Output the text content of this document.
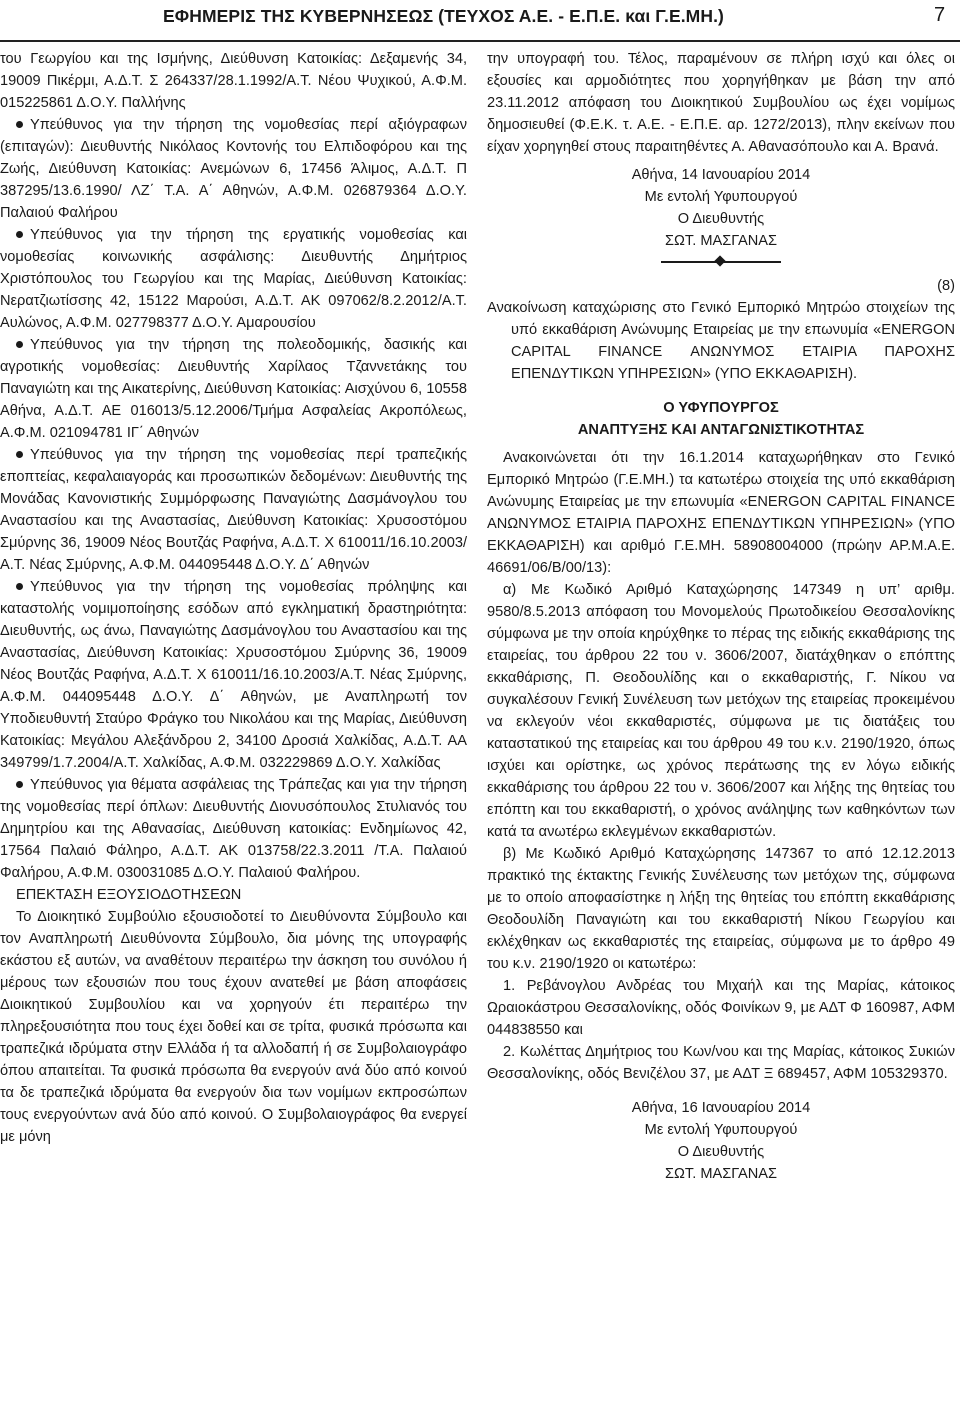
ΕΦΗΜΕΡΙΣ ΤΗΣ ΚΥΒΕΡΝΗΣΕΩΣ (ΤΕΥΧΟΣ Α.Ε. - Ε.Π.Ε. και Γ.Ε.ΜΗ.)	7

του Γεωργίου και της Ισμήνης, Διεύθυνση Κατοικίας: Δεξαμενής 34, 19009 Πικέρμι, Α.Δ.Τ. Σ 264337/28.1.1992/Α.Τ. Νέου Ψυχικού, Α.Φ.Μ. 015225861 Δ.Ο.Υ. Παλλήνης

Υπεύθυνος για την τήρηση της νομοθεσίας περί αξιόγραφων (επιταγών): Διευθυντής Νικόλαος Κοντονής του Ελπιδοφόρου και της Ζωής, Διεύθυνση Κατοικίας: Ανεμώνων 6, 17456 Άλιμος, Α.Δ.Τ. Π 387295/13.6.1990/ ΛΖ΄ Τ.Α. Α΄ Αθηνών, Α.Φ.Μ. 026879364 Δ.Ο.Υ. Παλαιού Φαλήρου

Υπεύθυνος για την τήρηση της εργατικής νομοθεσίας και νομοθεσίας κοινωνικής ασφάλισης: Διευθυντής Δημήτριος Χριστόπουλος του Γεωργίου και της Μαρίας, Διεύθυνση Κατοικίας: Νερατζιωτίσσης 42, 15122 Μαρούσι, Α.Δ.Τ. ΑΚ 097062/8.2.2012/Α.Τ. Αυλώνος, Α.Φ.Μ. 027798377 Δ.Ο.Υ. Αμαρουσίου

Υπεύθυνος για την τήρηση της πολεοδομικής, δασικής και αγροτικής νομοθεσίας: Διευθυντής Χαρίλαος Τζαννετάκης του Παναγιώτη και της Αικατερίνης, Διεύθυνση Κατοικίας: Αισχύνου 6, 10558 Αθήνα, Α.Δ.Τ. ΑΕ 016013/5.12.2006/Τμήμα Ασφαλείας Ακροπόλεως, Α.Φ.Μ. 021094781 ΙΓ΄ Αθηνών

Υπεύθυνος για την τήρηση της νομοθεσίας περί τραπεζικής εποπτείας, κεφαλαιαγοράς και προσωπικών δεδομένων: Διευθυντής της Μονάδας Κανονιστικής Συμμόρφωσης Παναγιώτης Δασμάνογλου του Αναστασίου και της Αναστασίας, Διεύθυνση Κατοικίας: Χρυσοστόμου Σμύρνης 36, 19009 Νέος Βουτζάς Ραφήνα, Α.Δ.Τ. Χ 610011/16.10.2003/Α.Τ. Νέας Σμύρνης, Α.Φ.Μ. 044095448 Δ.Ο.Υ. Δ΄ Αθηνών

Υπεύθυνος για την τήρηση της νομοθεσίας πρόληψης και καταστολής νομιμοποίησης εσόδων από εγκληματική δραστηριότητα: Διευθυντής, ως άνω, Παναγιώτης Δασμάνογλου του Αναστασίου και της Αναστασίας, Διεύθυνση Κατοικίας: Χρυσοστόμου Σμύρνης 36, 19009 Νέος Βουτζάς Ραφήνα, Α.Δ.Τ. Χ 610011/16.10.2003/Α.Τ. Νέας Σμύρνης, Α.Φ.Μ. 044095448 Δ.Ο.Υ. Δ΄ Αθηνών, με Αναπληρωτή τον Υποδιευθυντή Σταύρο Φράγκο του Νικολάου και της Μαρίας, Διεύθυνση Κατοικίας: Μεγάλου Αλεξάνδρου 2, 34100 Δροσιά Χαλκίδας, Α.Δ.Τ. ΑΑ 349799/1.7.2004/Α.Τ. Χαλκίδας, Α.Φ.Μ. 032229869 Δ.Ο.Υ. Χαλκίδας

Υπεύθυνος για θέματα ασφάλειας της Τράπεζας και για την τήρηση της νομοθεσίας περί όπλων: Διευθυντής Διονυσόπουλος Στυλιανός του Δημητρίου και της Αθανασίας, Διεύθυνση κατοικίας: Ενδημίωνος 42, 17564 Παλαιό Φάληρο, Α.Δ.Τ. ΑΚ 013758/22.3.2011 /Τ.Α. Παλαιού Φαλήρου, Α.Φ.Μ. 030031085 Δ.Ο.Υ. Παλαιού Φαλήρου.

ΕΠΕΚΤΑΣΗ ΕΞΟΥΣΙΟΔΟΤΗΣΕΩΝ

Το Διοικητικό Συμβούλιο εξουσιοδοτεί το Διευθύνοντα Σύμβουλο και τον Αναπληρωτή Διευθύνοντα Σύμβουλο, δια μόνης της υπογραφής εκάστου εξ αυτών, να αναθέτουν περαιτέρω την άσκηση του συνόλου ή μέρους των εξουσιών που τους έχουν ανατεθεί με βάση αποφάσεις Διοικητικού Συμβουλίου και να χορηγούν έτι περαιτέρω την πληρεξουσιότητα που τους έχει δοθεί και σε τρίτα, φυσικά πρόσωπα και τραπεζικά ιδρύματα στην Ελλάδα ή τα αλλοδαπή ή σε Συμβολαιογράφο όπου απαιτείται. Τα φυσικά πρόσωπα θα ενεργούν ανά δύο από κοινού τα δε τραπεζικά ιδρύματα θα ενεργούν δια των νομίμων εκπροσώπων τους ενεργούντων ανά δύο από κοινού. Ο Συμβολαιογράφος θα ενεργεί με μόνη

την υπογραφή του. Τέλος, παραμένουν σε πλήρη ισχύ και όλες οι εξουσίες και αρμοδιότητες που χορηγήθηκαν με βάση την από 23.11.2012 απόφαση του Διοικητικού Συμβουλίου ως έχει νομίμως δημοσιευθεί (Φ.Ε.Κ. τ. Α.Ε. - Ε.Π.Ε. αρ. 1272/2013), πλην εκείνων που είχαν χορηγηθεί στους παραιτηθέντες Α. Αθανασόπουλο και Α. Βρανά.

Αθήνα, 14 Ιανουαρίου 2014

Με εντολή Υφυπουργού

Ο Διευθυντής

ΣΩΤ. ΜΑΣΓΑΝΑΣ

(8)

Ανακοίνωση καταχώρισης στο Γενικό Εμπορικό Μητρώο στοιχείων της υπό εκκαθάριση Ανώνυμης Εταιρείας με την επωνυμία «ENERGON CAPITAL FINANCE ΑΝΩΝΥΜΟΣ ΕΤΑΙΡΙΑ ΠΑΡΟΧΗΣ ΕΠΕΝΔΥΤΙΚΩΝ ΥΠΗΡΕΣΙΩΝ» (ΥΠΟ ΕΚΚΑΘΑΡΙΣΗ).

Ο ΥΦΥΠΟΥΡΓΟΣ

ΑΝΑΠΤΥΞΗΣ ΚΑΙ ΑΝΤΑΓΩΝΙΣΤΙΚΟΤΗΤΑΣ

Ανακοινώνεται ότι την 16.1.2014 καταχωρήθηκαν στο Γενικό Εμπορικό Μητρώο (Γ.Ε.ΜΗ.) τα κατωτέρω στοιχεία της υπό εκκαθάριση Ανώνυμης Εταιρείας με την επωνυμία «ENERGON CAPITAL FINANCE ΑΝΩΝΥΜΟΣ ΕΤΑΙΡΙΑ ΠΑΡΟΧΗΣ ΕΠΕΝΔΥΤΙΚΩΝ ΥΠΗΡΕΣΙΩΝ» (ΥΠΟ ΕΚΚΑΘΑΡΙΣΗ) και αριθμό Γ.Ε.ΜΗ. 58908004000 (πρώην ΑΡ.Μ.Α.Ε. 46691/06/Β/00/13):

α) Με Κωδικό Αριθμό Καταχώρησης 147349 η υπ’ αριθμ. 9580/8.5.2013 απόφαση του Μονομελούς Πρωτοδικείου Θεσσαλονίκης σύμφωνα με την οποία κηρύχθηκε το πέρας της ειδικής εκκαθάρισης της εταιρείας, του άρθρου 22 του ν. 3606/2007, διατάχθηκαν ο επόπτης εκκαθάρισης, Π. Θεοδουλίδης και ο εκκαθαριστής, Γ. Νίκου να συγκαλέσουν Γενική Συνέλευση των μετόχων της εταιρείας προκειμένου να εκλεγούν νέοι εκκαθαριστές, σύμφωνα με τις διατάξεις του καταστατικού της εταιρείας και του άρθρου 49 του κ.ν. 2190/1920, όπως ισχύει και ορίστηκε, ως χρόνος περάτωσης της εν λόγω ειδικής εκκαθάρισης του άρθρου 22 του ν. 3606/2007 και λήξης της θητείας του επόπτη και του εκκαθαριστή, ο χρόνος ανάληψης των καθηκόντων των κατά τα ανωτέρω εκλεγμένων εκκαθαριστών.

β) Με Κωδικό Αριθμό Καταχώρησης 147367 το από 12.12.2013 πρακτικό της έκτακτης Γενικής Συνέλευσης των μετόχων της, σύμφωνα με το οποίο αποφασίστηκε η λήξη της θητείας του επόπτη εκκαθάρισης Θεοδουλίδη Παναγιώτη και του εκκαθαριστή Νίκου Γεωργίου και εκλέχθηκαν ως εκκαθαριστές της εταιρείας, σύμφωνα με το άρθρο 49 του κ.ν. 2190/1920 οι κατωτέρω:

1. Ρεβάνογλου Ανδρέας του Μιχαήλ και της Μαρίας, κάτοικος Ωραιοκάστρου Θεσσαλονίκης, οδός Φοινίκων 9, με ΑΔΤ Φ 160987, ΑΦΜ 044838550 και

2. Κωλέττας Δημήτριος του Κων/νου και της Μαρίας, κάτοικος Συκιών Θεσσαλονίκης, οδός Βενιζέλου 37, με ΑΔΤ Ξ 689457, ΑΦΜ 105329370.

Αθήνα, 16 Ιανουαρίου 2014

Με εντολή Υφυπουργού

Ο Διευθυντής

ΣΩΤ. ΜΑΣΓΑΝΑΣ
